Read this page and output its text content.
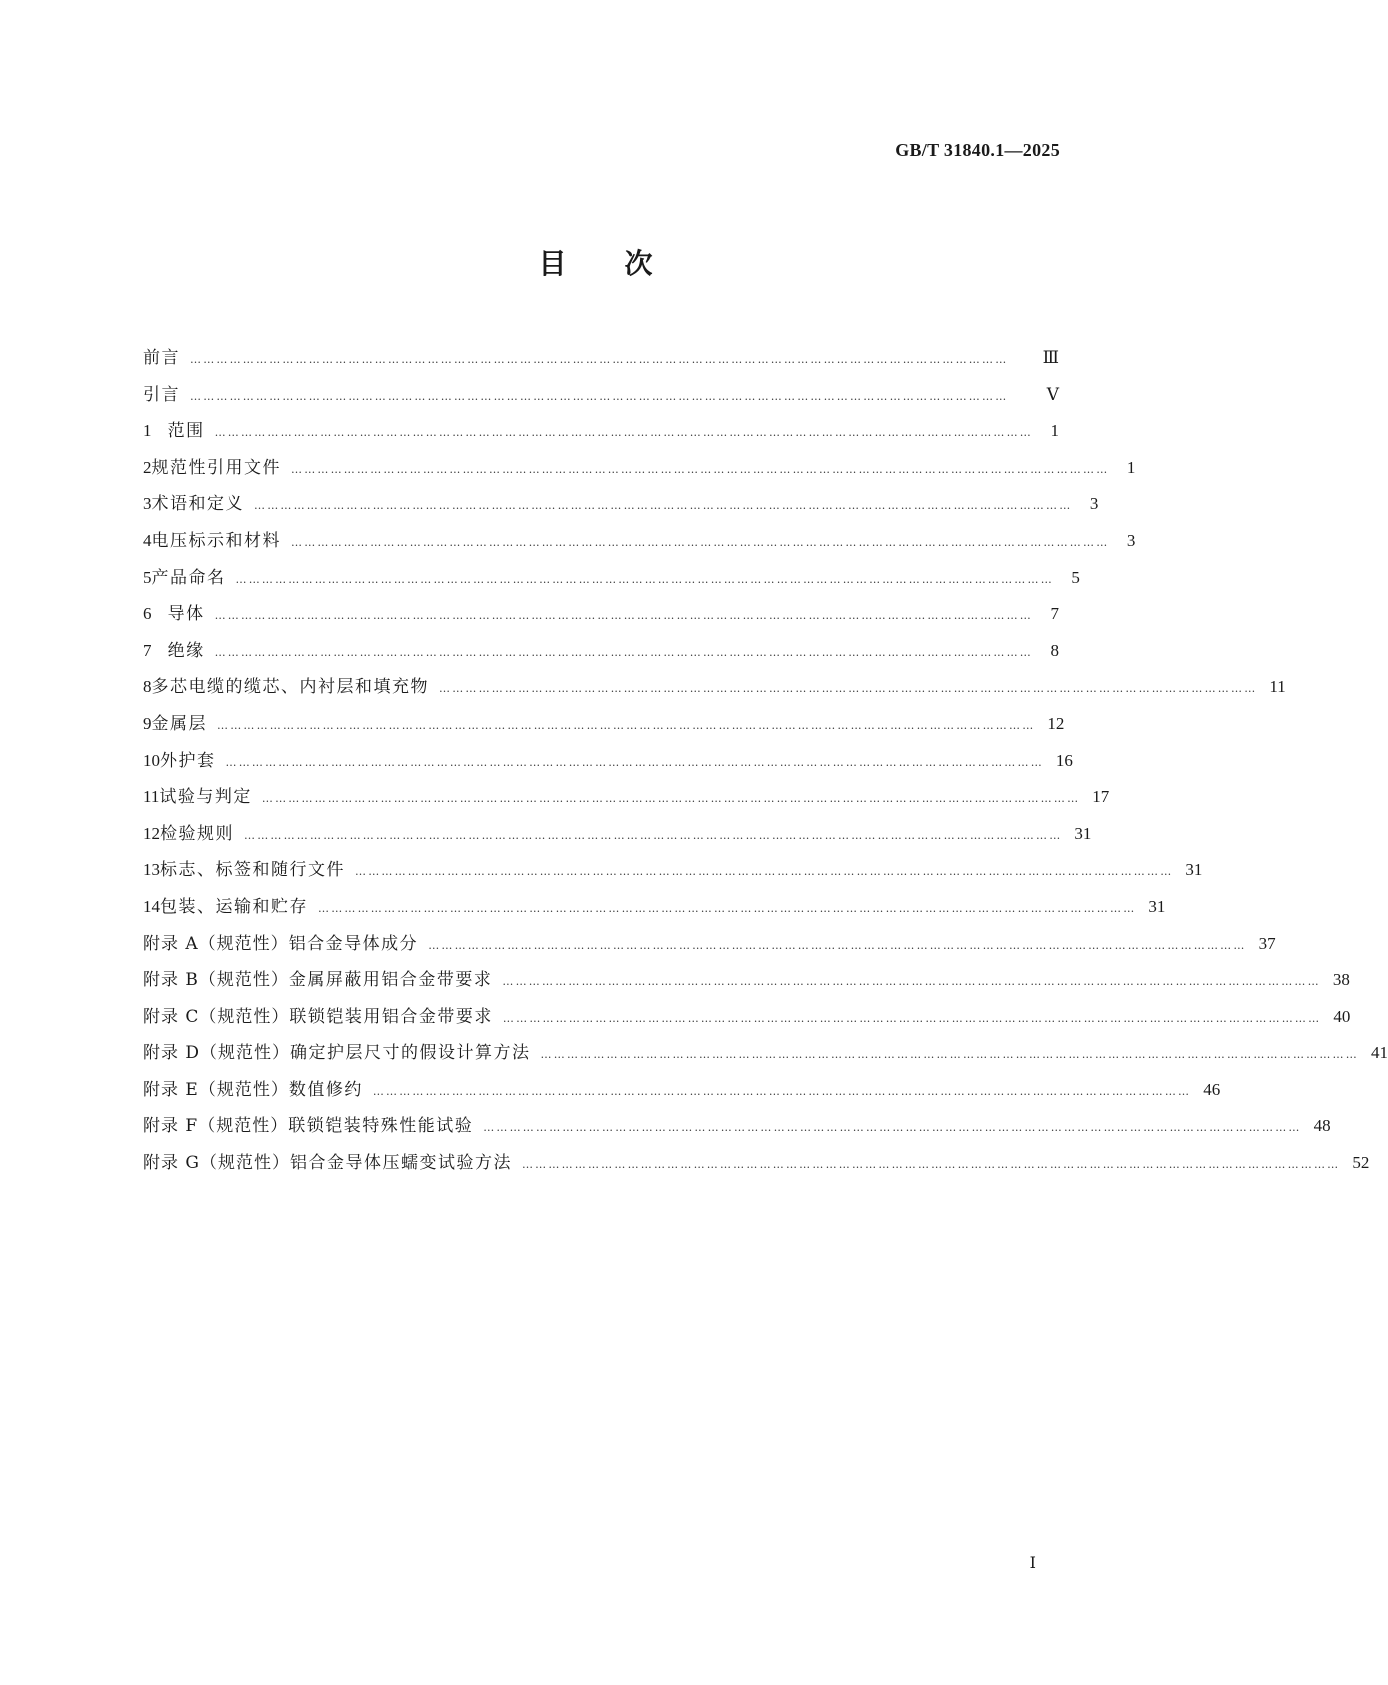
GB/T 31840.1—2025
目次
前言 ……………………………………………………………………………………………………………………………………………………………………	Ⅲ
引言 ……………………………………………………………………………………………………………………………………………………………………	Ⅴ
1 范围 ……………………………………………………………………………………………………………………………………………………………………	1
2 规范性引用文件 ……………………………………………………………………………………………………………………………………………………………………	1
3 术语和定义 ……………………………………………………………………………………………………………………………………………………………………	3
4 电压标示和材料 ……………………………………………………………………………………………………………………………………………………………………	3
5 产品命名 ……………………………………………………………………………………………………………………………………………………………………	5
6 导体 ……………………………………………………………………………………………………………………………………………………………………	7
7 绝缘 ……………………………………………………………………………………………………………………………………………………………………	8
8 多芯电缆的缆芯、内衬层和填充物 …………………………………………………………………………………………………………………………………………………………………… 11
9 金属层 …………………………………………………………………………………………………………………………………………………………………… 12
10 外护套 …………………………………………………………………………………………………………………………………………………………………… 16
11 试验与判定 …………………………………………………………………………………………………………………………………………………………………… 17
12 检验规则 …………………………………………………………………………………………………………………………………………………………………… 31
13 标志、标签和随行文件 …………………………………………………………………………………………………………………………………………………………………… 31
14 包装、运输和贮存 …………………………………………………………………………………………………………………………………………………………………… 31
附录 A（规范性） 铝合金导体成分 …………………………………………………………………………………………………………………………………………………………………… 37
附录 B（规范性） 金属屏蔽用铝合金带要求 …………………………………………………………………………………………………………………………………………………………………… 38
附录 C（规范性） 联锁铠装用铝合金带要求 …………………………………………………………………………………………………………………………………………………………………… 40
附录 D（规范性） 确定护层尺寸的假设计算方法 …………………………………………………………………………………………………………………………………………………………………… 41
附录 E（规范性） 数值修约 …………………………………………………………………………………………………………………………………………………………………… 46
附录 F（规范性） 联锁铠装特殊性能试验 …………………………………………………………………………………………………………………………………………………………………… 48
附录 G（规范性） 铝合金导体压蠕变试验方法 …………………………………………………………………………………………………………………………………………………………………… 52
Ⅰ
